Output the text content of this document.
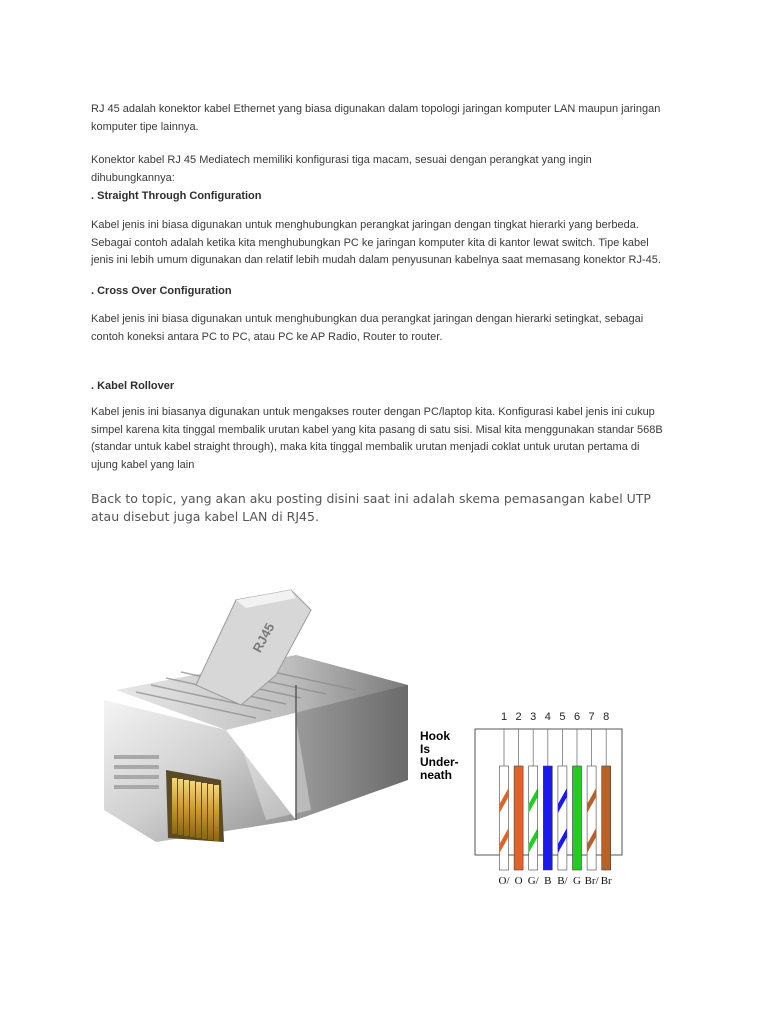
RJ 45 adalah konektor kabel Ethernet yang biasa digunakan dalam topologi jaringan komputer LAN maupun jaringan
komputer tipe lainnya.

Konektor kabel RJ 45 Mediatech memiliki konfigurasi tiga macam, sesuai dengan perangkat yang ingin
dihubungkannya:

. Straight Through Configuration

Kabel jenis ini biasa digunakan untuk menghubungkan perangkat jaringan dengan tingkat hierarki yang berbeda.
Sebagai contoh adalah ketika kita menghubungkan PC ke jaringan komputer kita di kantor lewat switch. Tipe kabel
jenis ini lebih umum digunakan dan relatif lebih mudah dalam penyusunan kabelnya saat memasang konektor RJ-45.

. Cross Over Configuration

Kabel jenis ini biasa digunakan untuk menghubungkan dua perangkat jaringan dengan hierarki setingkat, sebagai
contoh koneksi antara PC to PC, atau PC ke AP Radio, Router to router.

. Kabel Rollover

Kabel jenis ini biasanya digunakan untuk mengakses router dengan PC/laptop kita. Konfigurasi kabel jenis ini cukup
simpel karena kita tinggal membalik urutan kabel yang kita pasang di satu sisi. Misal kita menggunakan standar 568B
(standar untuk kabel straight through), maka kita tinggal membalik urutan menjadi coklat untuk urutan pertama di
ujung kabel yang lain

Back to topic, yang akan aku posting disini saat ini adalah skema pemasangan kabel UTP
atau disebut juga kabel LAN di RJ45.

RJ45
1 2 3 4 5 6 7 8
Hook
Is
Under-
neath
O/ O G/ B B/ G Br/ Br
